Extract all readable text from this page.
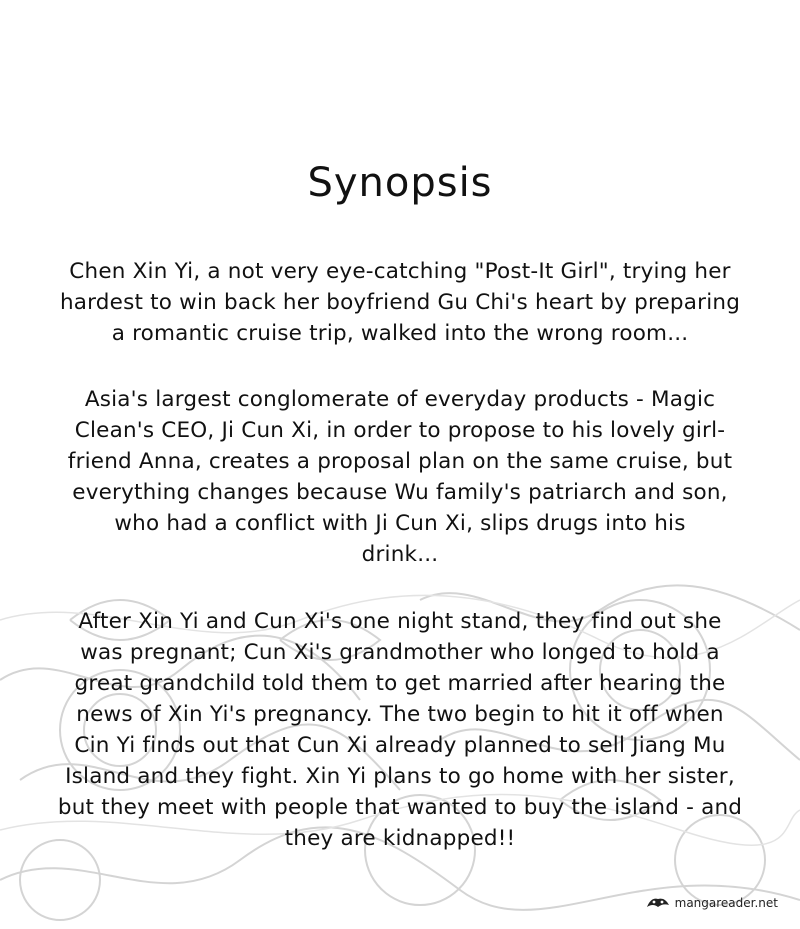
Synopsis
Chen Xin Yi, a not very eye-catching "Post-It Girl", trying her
hardest to win back her boyfriend Gu Chi's heart by preparing
a romantic cruise trip, walked into the wrong room...
Asia's largest conglomerate of everyday products - Magic
Clean's CEO, Ji Cun Xi, in order to propose to his lovely girl-
friend Anna, creates a proposal plan on the same cruise, but
everything changes because Wu family's patriarch and son,
who had a conflict with Ji Cun Xi, slips drugs into his
drink...
After Xin Yi and Cun Xi's one night stand, they find out she
was pregnant; Cun Xi's grandmother who longed to hold a
great grandchild told them to get married after hearing the
news of Xin Yi's pregnancy. The two begin to hit it off when
Cin Yi finds out that Cun Xi already planned to sell Jiang Mu
Island and they fight. Xin Yi plans to go home with her sister,
but they meet with people that wanted to buy the island - and
they are kidnapped!!
mangareader.net
